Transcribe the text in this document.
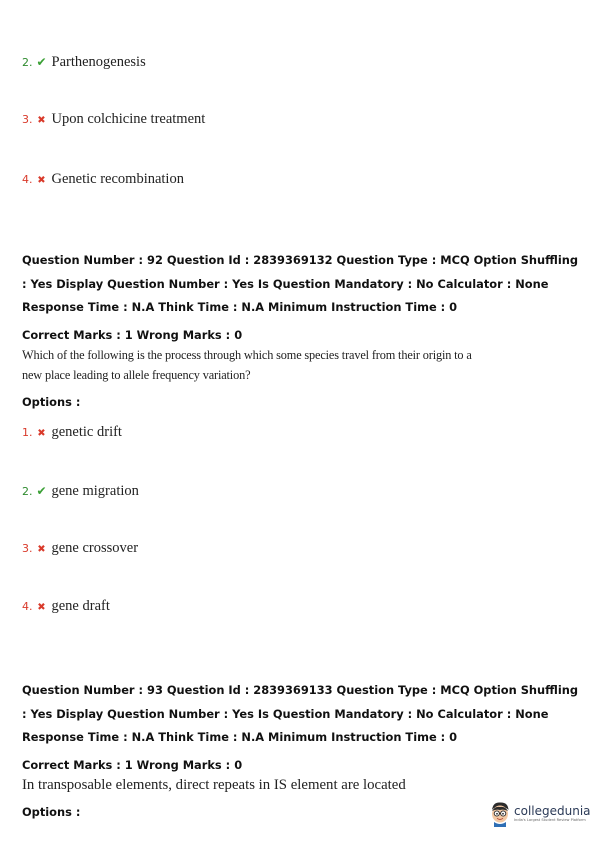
2. ✔ Parthenogenesis
3. ✖ Upon colchicine treatment
4. ✖ Genetic recombination
Question Number : 92 Question Id : 2839369132 Question Type : MCQ Option Shuffling : Yes Display Question Number : Yes Is Question Mandatory : No Calculator : None Response Time : N.A Think Time : N.A Minimum Instruction Time : 0
Correct Marks : 1 Wrong Marks : 0
Which of the following is the process through which some species travel from their origin to a new place leading to allele frequency variation?
Options :
1. ✖ genetic drift
2. ✔ gene migration
3. ✖ gene crossover
4. ✖ gene draft
Question Number : 93 Question Id : 2839369133 Question Type : MCQ Option Shuffling : Yes Display Question Number : Yes Is Question Mandatory : No Calculator : None Response Time : N.A Think Time : N.A Minimum Instruction Time : 0
Correct Marks : 1 Wrong Marks : 0
In transposable elements, direct repeats in IS element are located
Options :	collegedunia
India's Largest Student Review Platform
